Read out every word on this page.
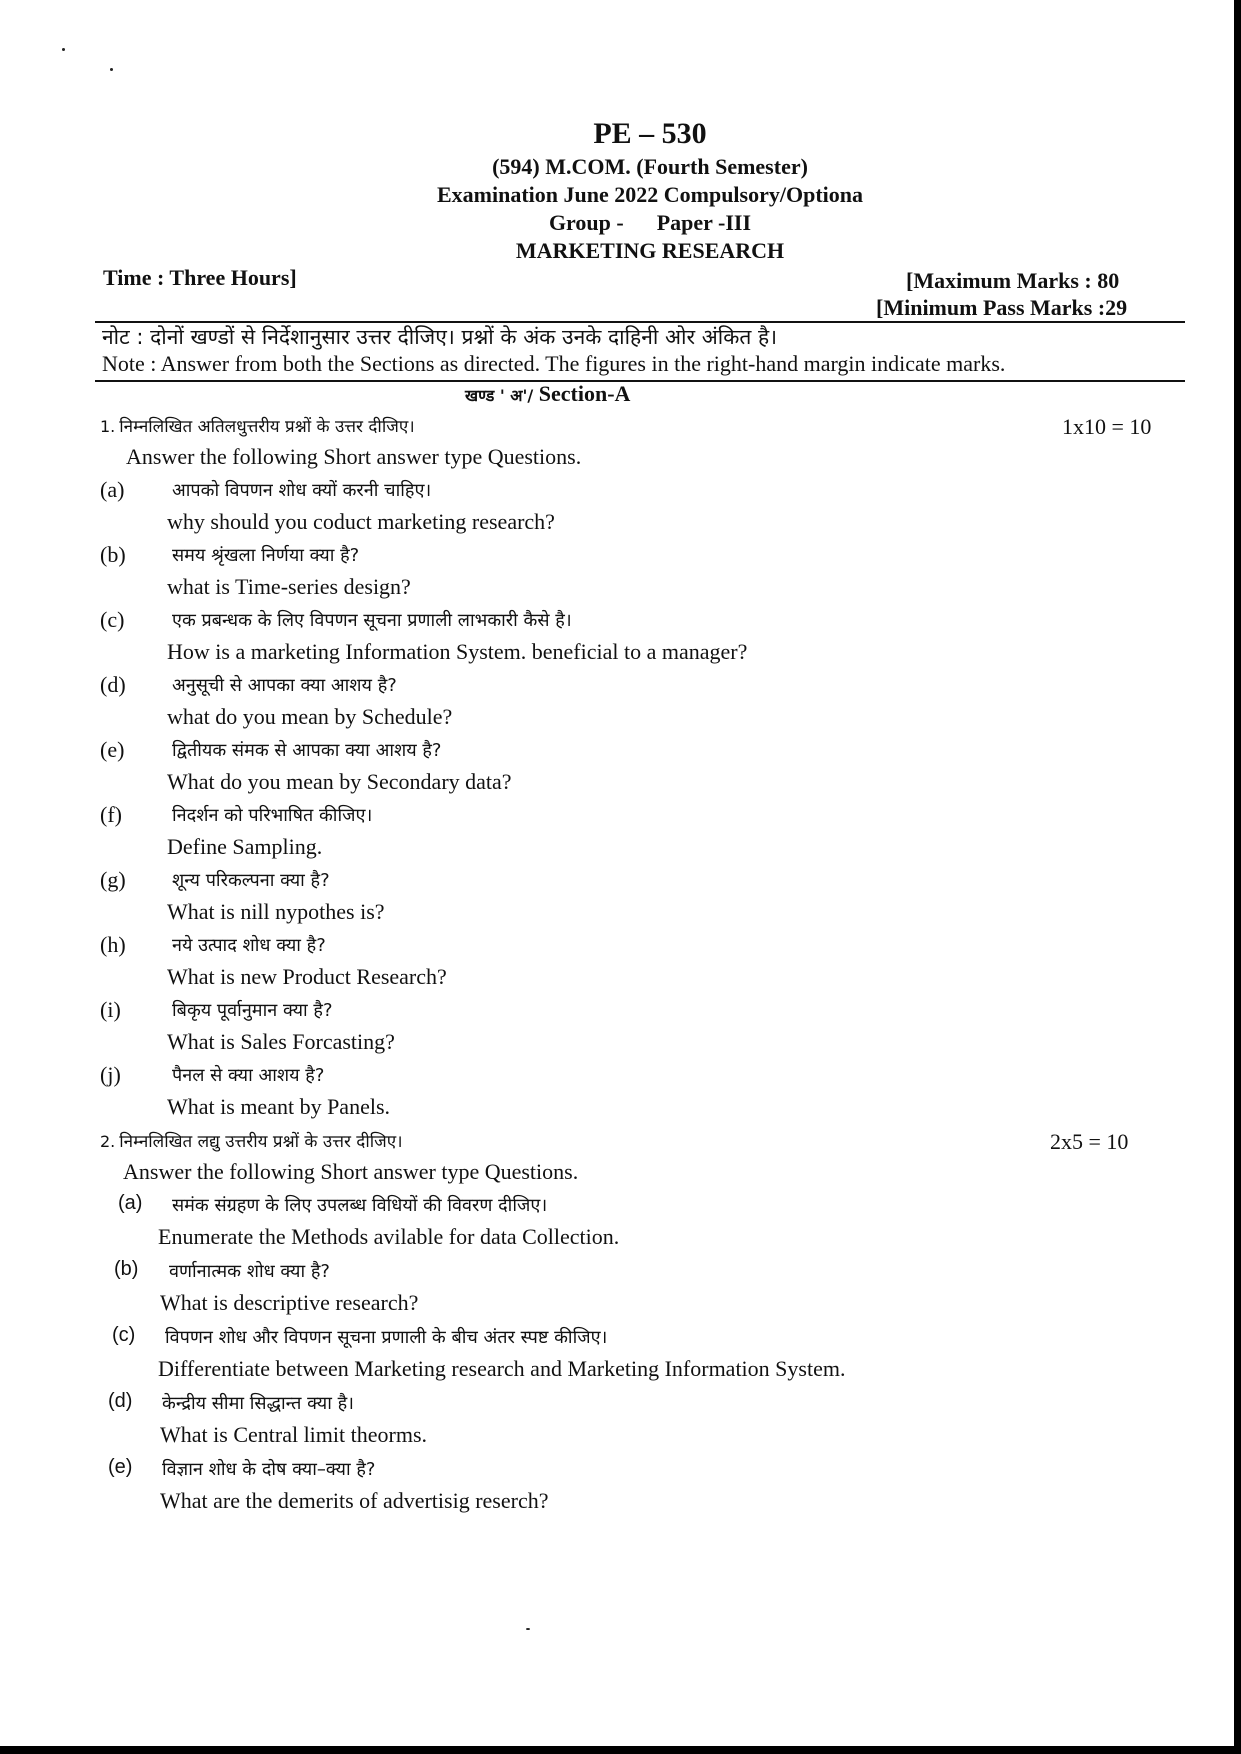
PE – 530
(594) M.COM. (Fourth Semester)
Examination June 2022 Compulsory/Optiona
Group - Paper -III
MARKETING RESEARCH
Time : Three Hours]	[Maximum Marks : 80
[Minimum Pass Marks :29
नोट : दोनों खण्डों से निर्देशानुसार उत्तर दीजिए। प्रश्नों के अंक उनके दाहिनी ओर अंकित है।
Note : Answer from both the Sections as directed. The figures in the right-hand margin indicate marks.
खण्ड ' अ'/ Section-A
1. निम्नलिखित अतिलधुत्तरीय प्रश्नों के उत्तर दीजिए।	1x10 = 10
Answer the following Short answer type Questions.
(a)	आपको विपणन शोध क्यों करनी चाहिए।
why should you coduct marketing research?
(b)	समय श्रृंखला निर्णया क्या है?
what is Time-series design?
(c)	एक प्रबन्धक के लिए विपणन सूचना प्रणाली लाभकारी कैसे है।
How is a marketing Information System. beneficial to a manager?
(d)	अनुसूची से आपका क्या आशय है?
what do you mean by Schedule?
(e)	द्वितीयक संमक से आपका क्या आशय है?
What do you mean by Secondary data?
(f)	निदर्शन को परिभाषित कीजिए।
Define Sampling.
(g)	शून्य परिकल्पना क्या है?
What is nill nypothes is?
(h)	नये उत्पाद शोध क्या है?
What is new Product Research?
(i)	बिकृय पूर्वानुमान क्या है?
What is Sales Forcasting?
(j)	पैनल से क्या आशय है?
What is meant by Panels.
2. निम्नलिखित लद्यु उत्तरीय प्रश्नों के उत्तर दीजिए।	2x5 = 10
Answer the following Short answer type Questions.
(a) समंक संग्रहण के लिए उपलब्ध विधियों की विवरण दीजिए।
Enumerate the Methods avilable for data Collection.
(b) वर्णानात्मक शोध क्या है?
What is descriptive research?
(c) विपणन शोध और विपणन सूचना प्रणाली के बीच अंतर स्पष्ट कीजिए।
Differentiate between Marketing research and Marketing Information System.
(d) केन्द्रीय सीमा सिद्धान्त क्या है।
What is Central limit theorms.
(e) विज्ञान शोध के दोष क्या–क्या है?
What are the demerits of advertisig reserch?
